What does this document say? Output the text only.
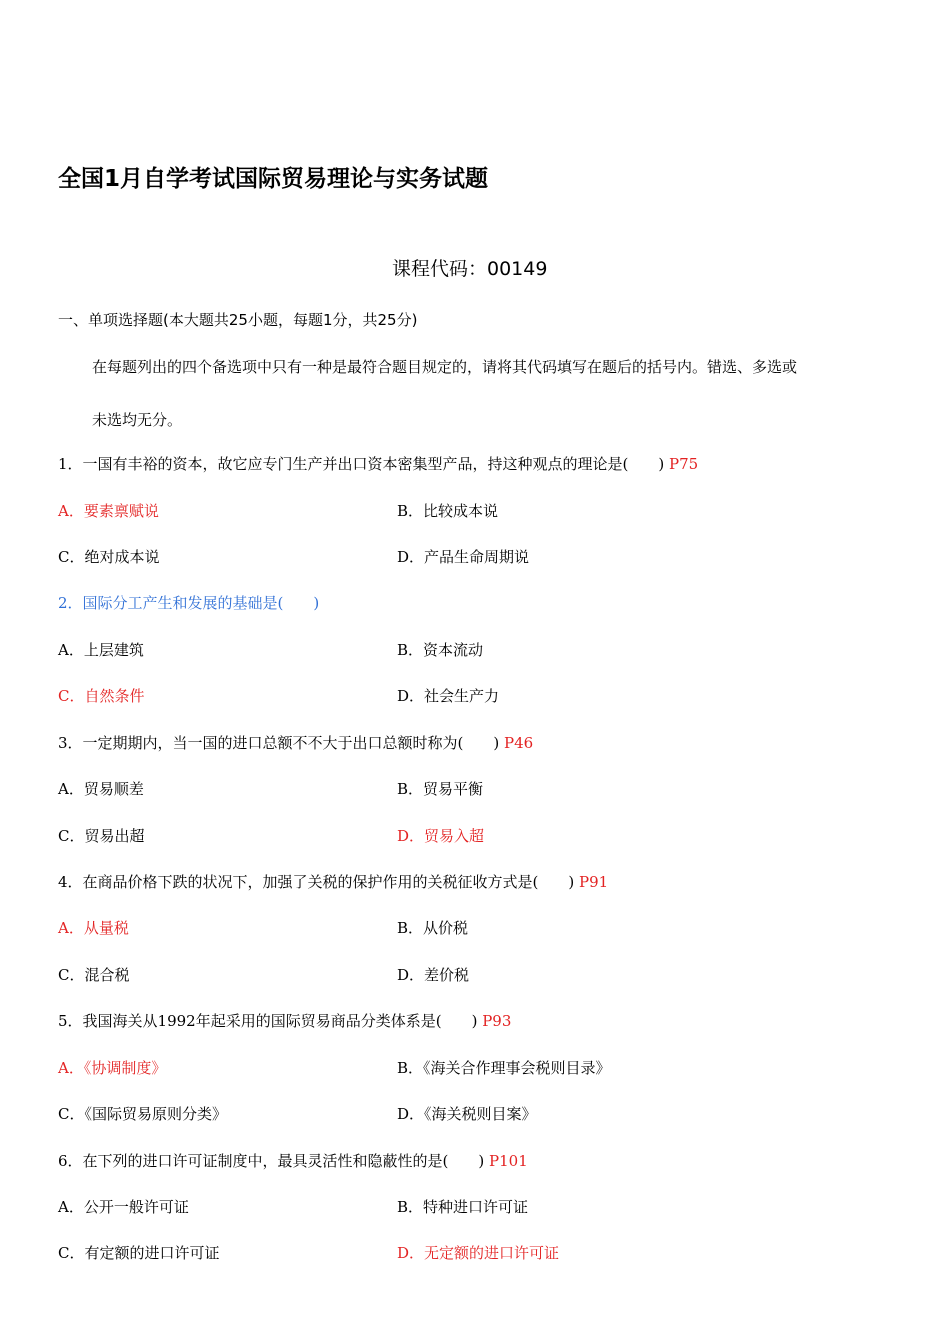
全国1月自学考试国际贸易理论与实务试题
课程代码：00149
一、单项选择题(本大题共25小题，每题1分，共25分)
在每题列出的四个备选项中只有一种是最符合题目规定的，请将其代码填写在题后的括号内。错选、多选或
未选均无分。
1．一国有丰裕的资本，故它应专门生产并出口资本密集型产品，持这种观点的理论是(　　) P75
A．要素禀赋说	B．比较成本说
C．绝对成本说	D．产品生命周期说
2．国际分工产生和发展的基础是(　　)
A．上层建筑	B．资本流动
C．自然条件	D．社会生产力
3．一定期期内，当一国的进口总额不不大于出口总额时称为(　　) P46
A．贸易顺差	B．贸易平衡
C．贸易出超	D．贸易入超
4．在商品价格下跌的状况下，加强了关税的保护作用的关税征收方式是(　　) P91
A．从量税	B．从价税
C．混合税	D．差价税
5．我国海关从1992年起采用的国际贸易商品分类体系是(　　) P93
A．《协调制度》	B．《海关合作理事会税则目录》
C．《国际贸易原则分类》	D．《海关税则目案》
6．在下列的进口许可证制度中，最具灵活性和隐蔽性的是(　　) P101
A．公开一般许可证	B．特种进口许可证
C．有定额的进口许可证	D．无定额的进口许可证
